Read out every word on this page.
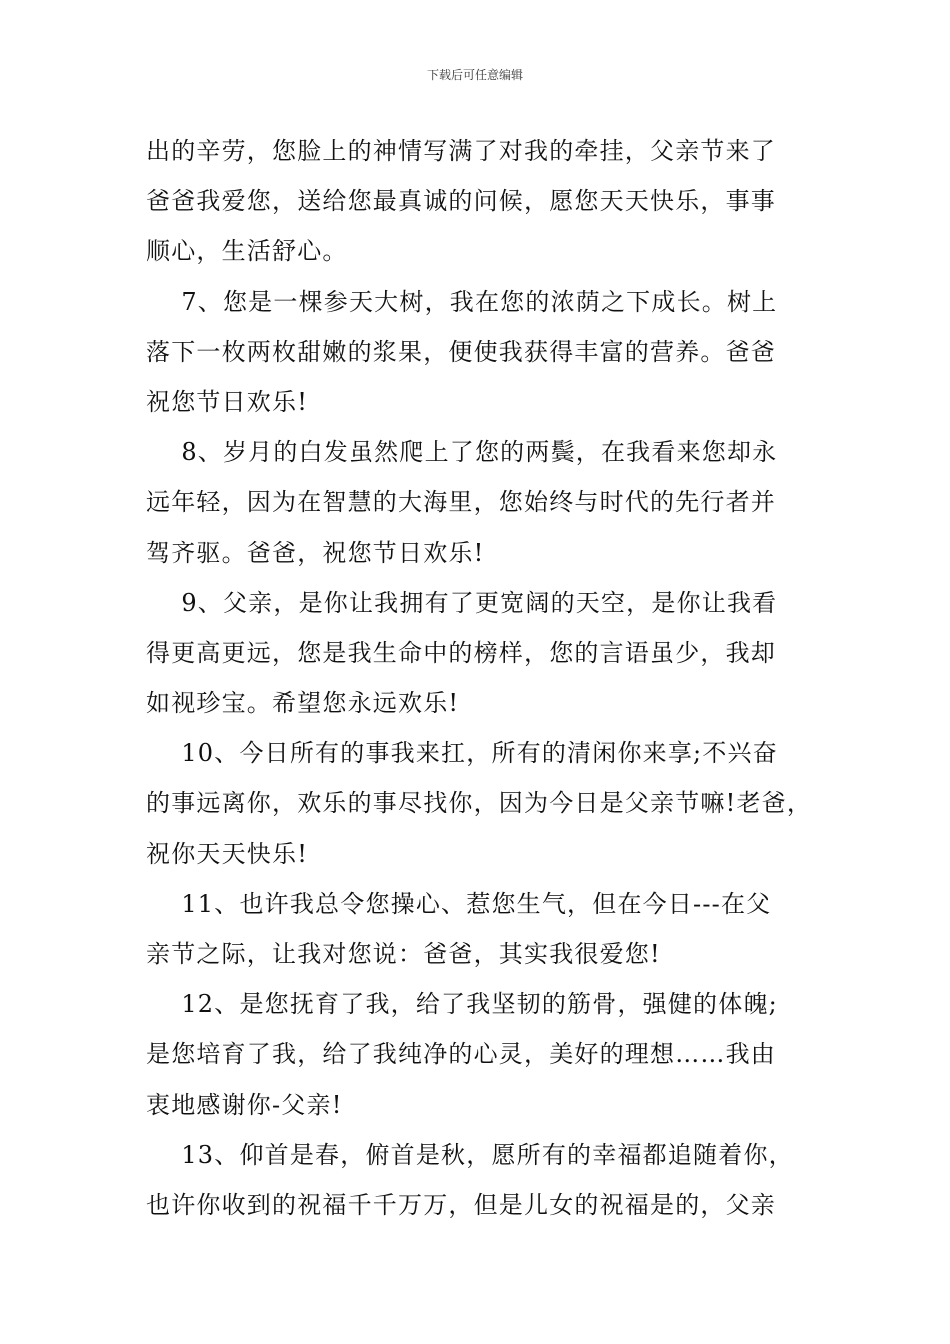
下载后可任意编辑
出的辛劳，您脸上的神情写满了对我的牵挂，父亲节来了
爸爸我爱您，送给您最真诚的问候，愿您天天快乐，事事
顺心，生活舒心。
7、您是一棵参天大树，我在您的浓荫之下成长。树上
落下一枚两枚甜嫩的浆果，便使我获得丰富的营养。爸爸
祝您节日欢乐!
8、岁月的白发虽然爬上了您的两鬓，在我看来您却永
远年轻，因为在智慧的大海里，您始终与时代的先行者并
驾齐驱。爸爸，祝您节日欢乐!
9、父亲，是你让我拥有了更宽阔的天空，是你让我看
得更高更远，您是我生命中的榜样，您的言语虽少，我却
如视珍宝。希望您永远欢乐!
10、今日所有的事我来扛，所有的清闲你来享;不兴奋
的事远离你，欢乐的事尽找你，因为今日是父亲节嘛!老爸，
祝你天天快乐!
11、也许我总令您操心、惹您生气，但在今日---在父
亲节之际，让我对您说：爸爸，其实我很爱您!
12、是您抚育了我，给了我坚韧的筋骨，强健的体魄;
是您培育了我，给了我纯净的心灵，美好的理想……我由
衷地感谢你-父亲!
13、仰首是春，俯首是秋，愿所有的幸福都追随着你，
也许你收到的祝福千千万万，但是儿女的祝福是的，父亲
